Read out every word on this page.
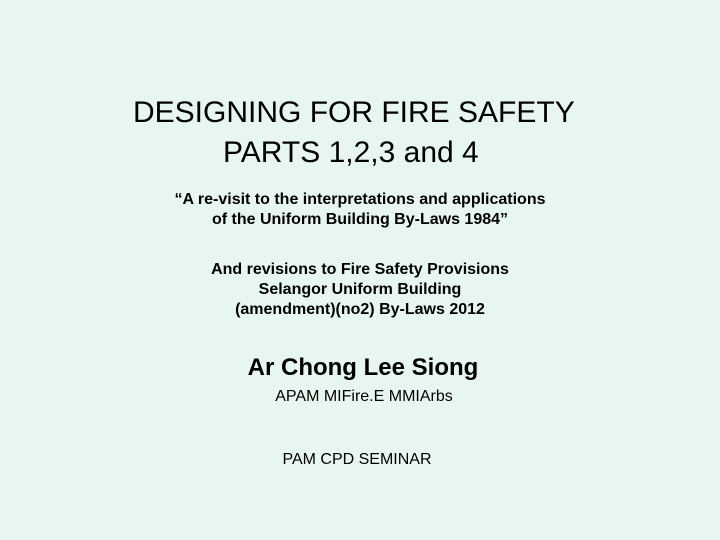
DESIGNING FOR FIRE SAFETY
PARTS 1,2,3 and 4
“A re-visit to the interpretations and applications
of the Uniform Building By-Laws 1984”
And revisions to Fire Safety Provisions
Selangor Uniform Building
(amendment)(no2) By-Laws 2012
Ar Chong Lee Siong
APAM MIFire.E MMIArbs
PAM CPD SEMINAR
